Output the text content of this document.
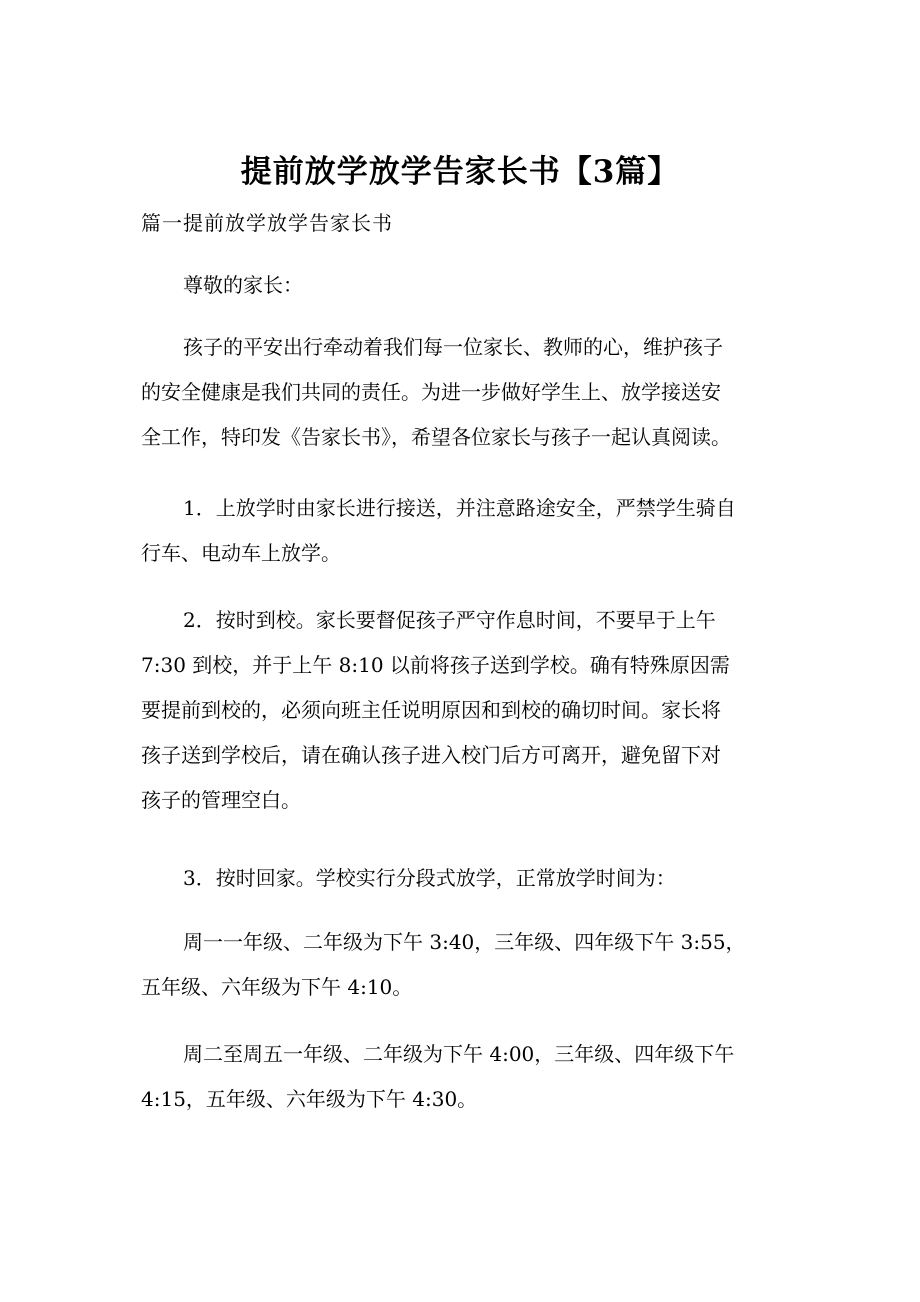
提前放学放学告家长书【3篇】
篇一提前放学放学告家长书
尊敬的家长：
孩子的平安出行牵动着我们每一位家长、教师的心，维护孩子
的安全健康是我们共同的责任。为进一步做好学生上、放学接送安
全工作，特印发《告家长书》，希望各位家长与孩子一起认真阅读。
1．上放学时由家长进行接送，并注意路途安全，严禁学生骑自
行车、电动车上放学。
2．按时到校。家长要督促孩子严守作息时间，不要早于上午
7:30 到校，并于上午 8:10 以前将孩子送到学校。确有特殊原因需
要提前到校的，必须向班主任说明原因和到校的确切时间。家长将
孩子送到学校后，请在确认孩子进入校门后方可离开，避免留下对
孩子的管理空白。
3．按时回家。学校实行分段式放学，正常放学时间为：
周一一年级、二年级为下午 3:40，三年级、四年级下午 3:55，
五年级、六年级为下午 4:10。
周二至周五一年级、二年级为下午 4:00，三年级、四年级下午
4:15，五年级、六年级为下午 4:30。
